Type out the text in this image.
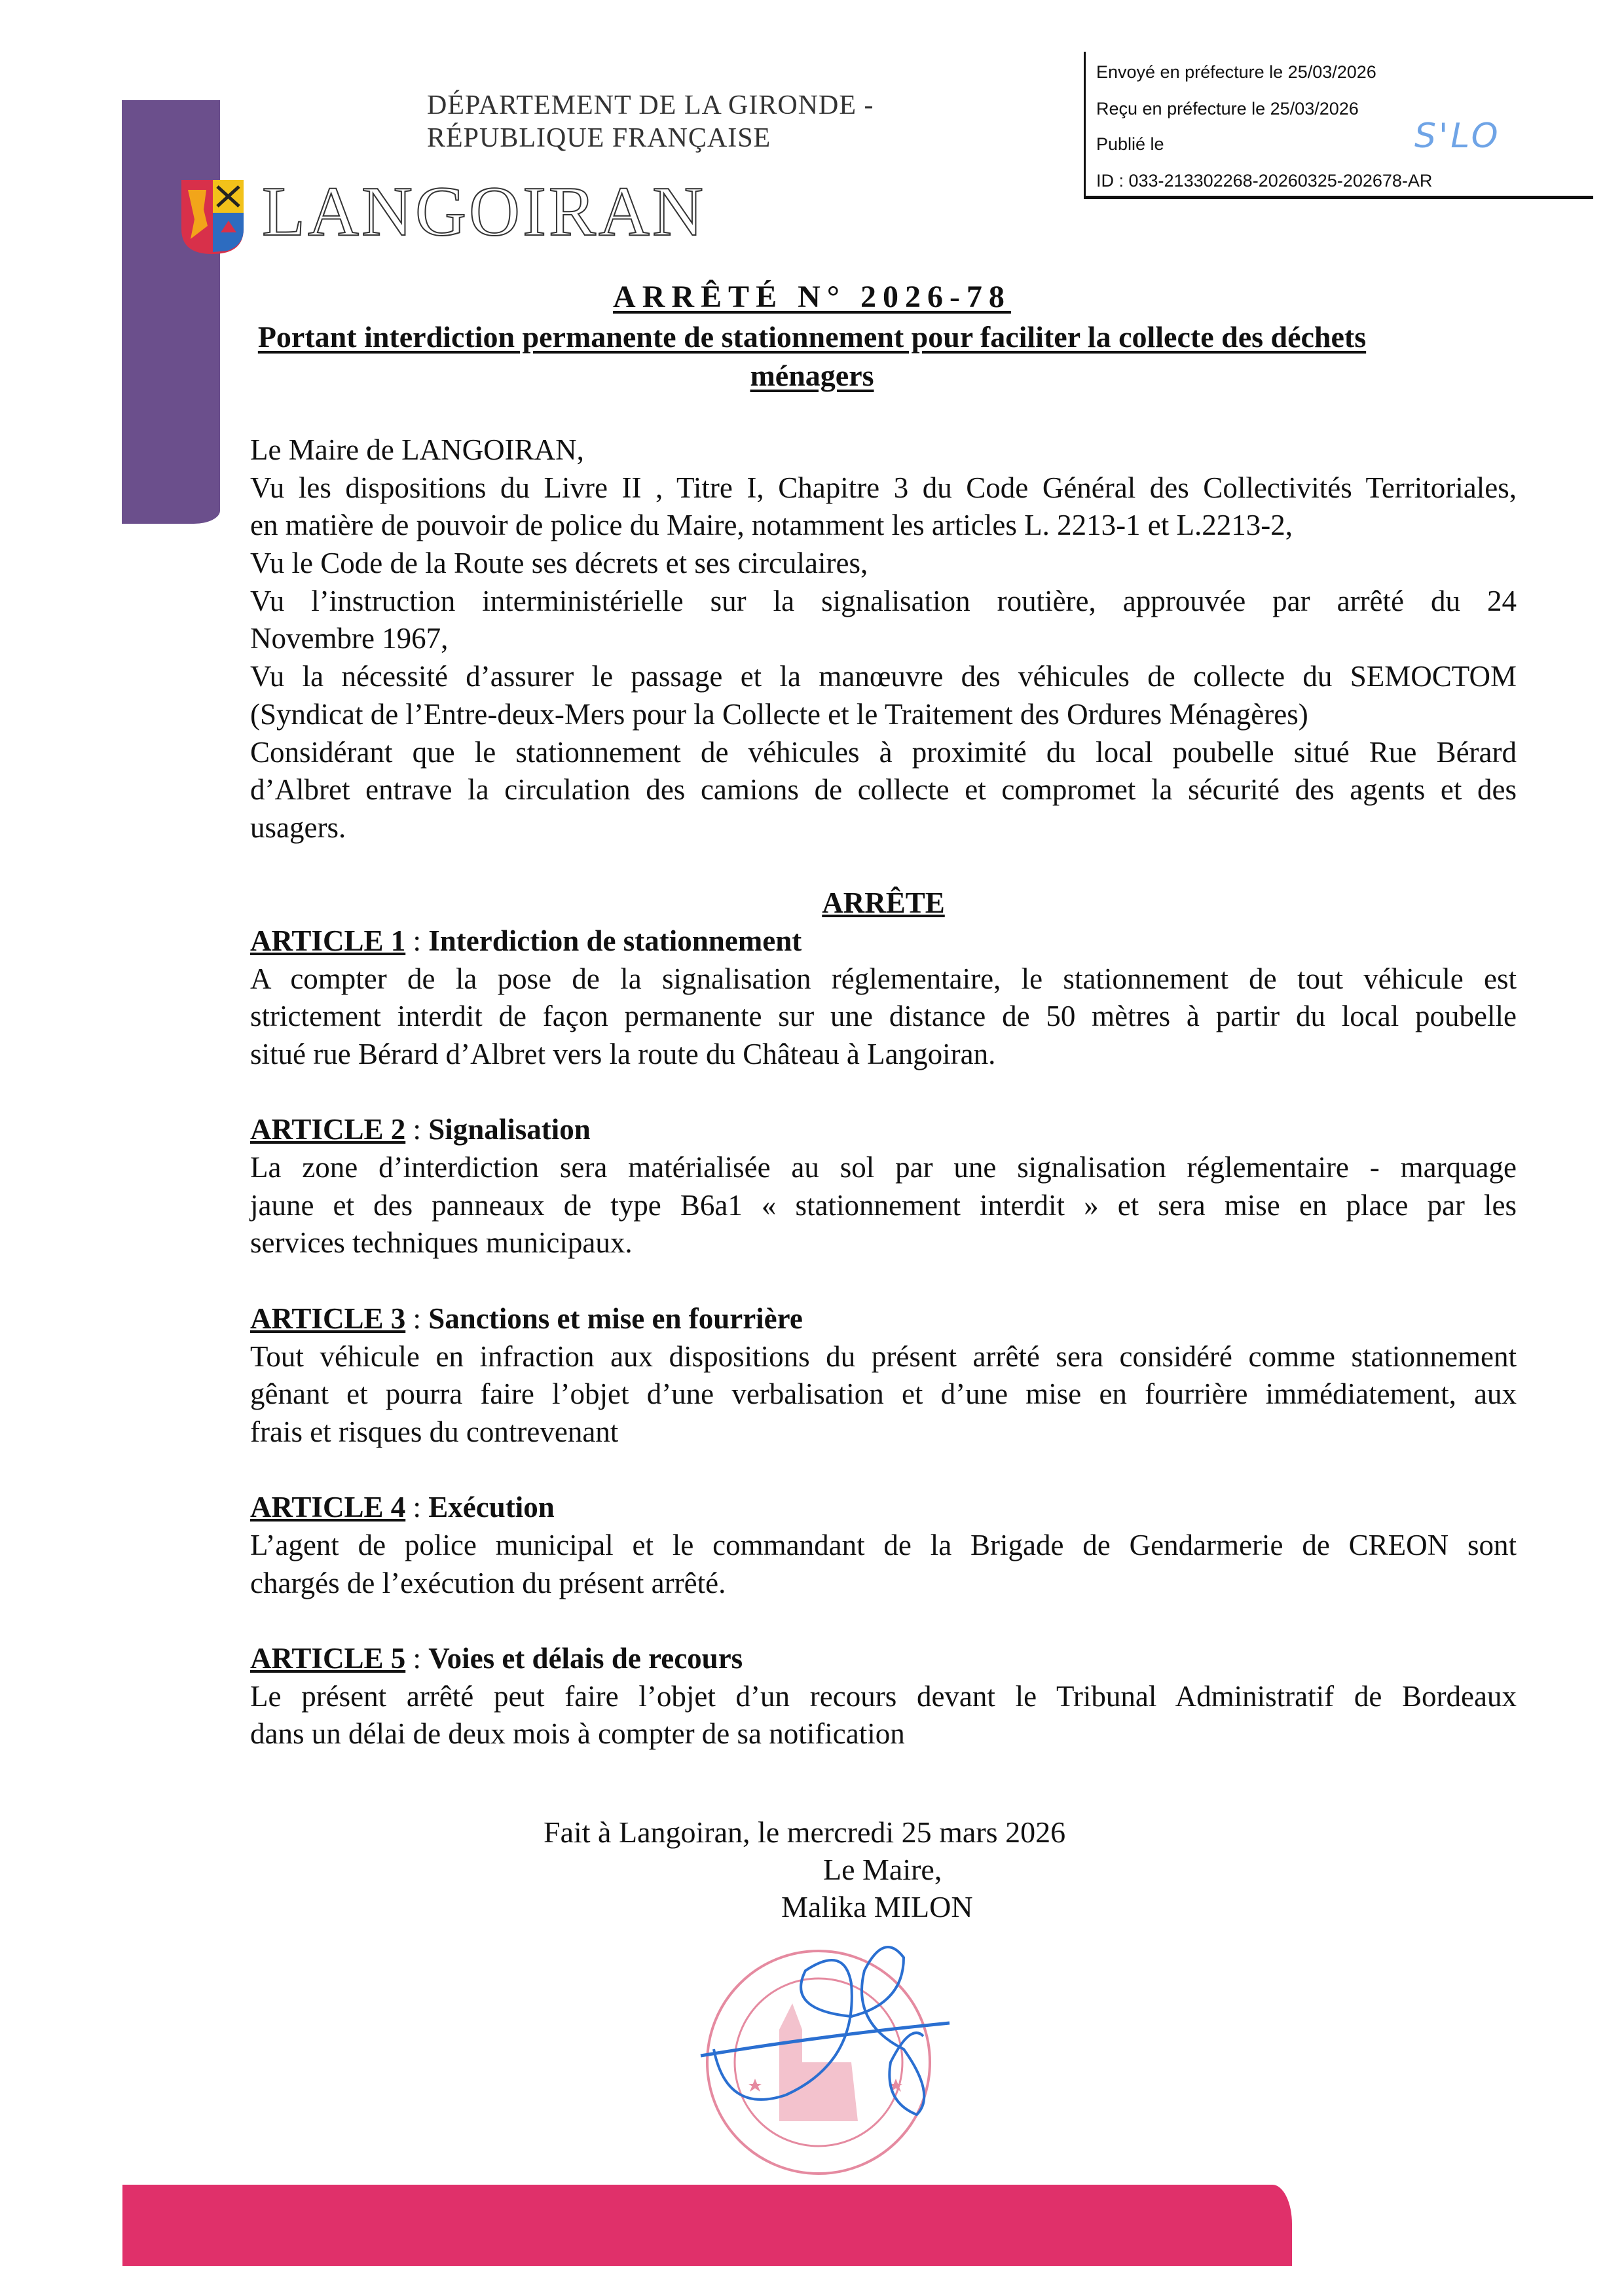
DÉPARTEMENT DE LA GIRONDE - RÉPUBLIQUE FRANÇAISE
Envoyé en préfecture le 25/03/2026
Reçu en préfecture le 25/03/2026
Publié le
ID : 033-213302268-20260325-202678-AR
S'LO
LANGOIRAN
ARRÊTÉ N° 2026-78
Portant interdiction permanente de stationnement pour faciliter la collecte des déchets
ménagers
Le Maire de LANGOIRAN,
Vu les dispositions du Livre II , Titre I, Chapitre 3 du Code Général des Collectivités Territoriales,
en matière de pouvoir de police du Maire, notamment les articles L. 2213-1 et L.2213-2,
Vu le Code de la Route ses décrets et ses circulaires,
Vu l’instruction interministérielle sur la signalisation routière, approuvée par arrêté du 24
Novembre 1967,
Vu la nécessité d’assurer le passage et la manœuvre des véhicules de collecte du SEMOCTOM
(Syndicat de l’Entre-deux-Mers pour la Collecte et le Traitement des Ordures Ménagères)
Considérant que le stationnement de véhicules à proximité du local poubelle situé Rue Bérard
d’Albret entrave la circulation des camions de collecte et compromet la sécurité des agents et des
usagers.
ARRÊTE
ARTICLE 1 : Interdiction de stationnement
A compter de la pose de la signalisation réglementaire, le stationnement de tout véhicule est
strictement interdit de façon permanente sur une distance de 50 mètres à partir du local poubelle
situé rue Bérard d’Albret vers la route du Château à Langoiran.
ARTICLE 2 : Signalisation
La zone d’interdiction sera matérialisée au sol par une signalisation réglementaire - marquage
jaune et des panneaux de type B6a1 « stationnement interdit » et sera mise en place par les
services techniques municipaux.
ARTICLE 3 : Sanctions et mise en fourrière
Tout véhicule en infraction aux dispositions du présent arrêté sera considéré comme stationnement
gênant et pourra faire l’objet d’une verbalisation et d’une mise en fourrière immédiatement, aux
frais et risques du contrevenant
ARTICLE 4 : Exécution
L’agent de police municipal et le commandant de la Brigade de Gendarmerie de CREON sont
chargés de l’exécution du présent arrêté.
ARTICLE 5 : Voies et délais de recours
Le présent arrêté peut faire l’objet d’un recours devant le Tribunal Administratif de Bordeaux
dans un délai de deux mois à compter de sa notification
Fait à Langoiran, le mercredi 25 mars 2026
Le Maire,
Malika MILON
